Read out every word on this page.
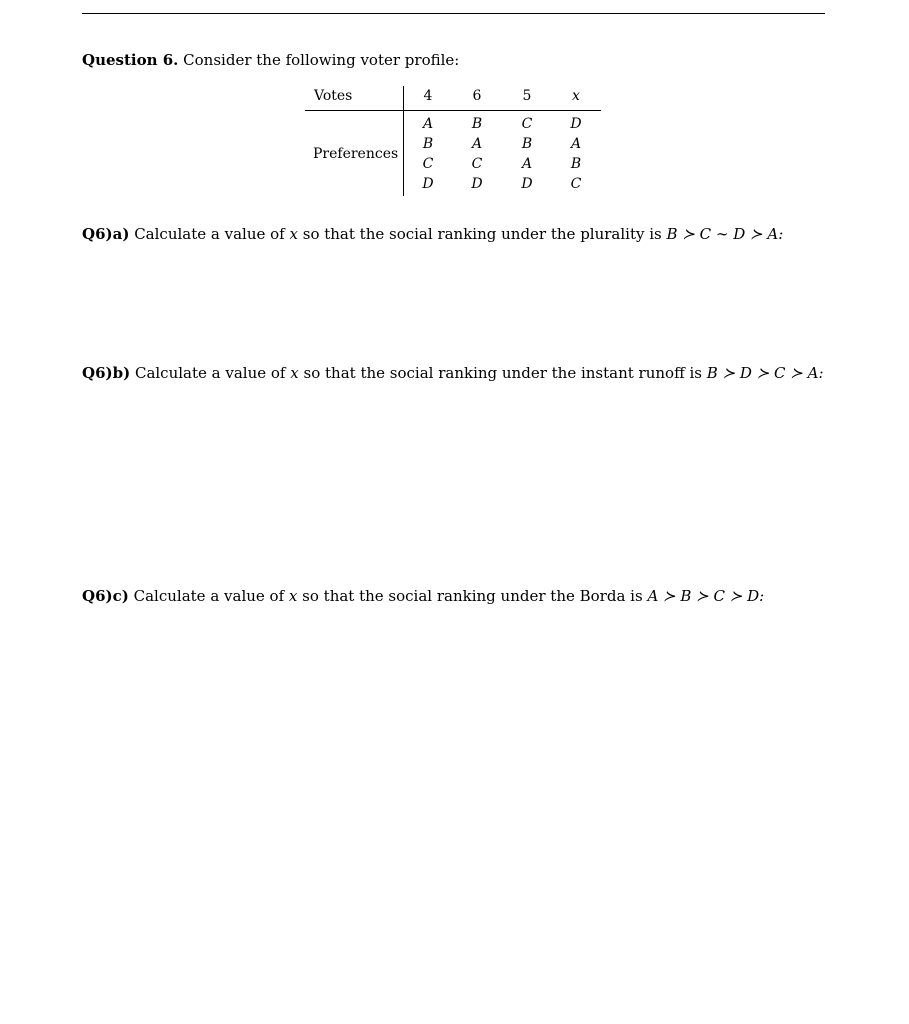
Question 6. Consider the following voter profile:
Votes
Preferences
4
A
B
C
D
6
B
A
C
D
5
C
B
A
D
x
D
A
B
C
Q6)a) Calculate a value of x so that the social ranking under the plurality is B ≻ C ∼ D ≻ A:
Q6)b) Calculate a value of x so that the social ranking under the instant runoff is B ≻ D ≻ C ≻ A:
Q6)c) Calculate a value of x so that the social ranking under the Borda is A ≻ B ≻ C ≻ D:
